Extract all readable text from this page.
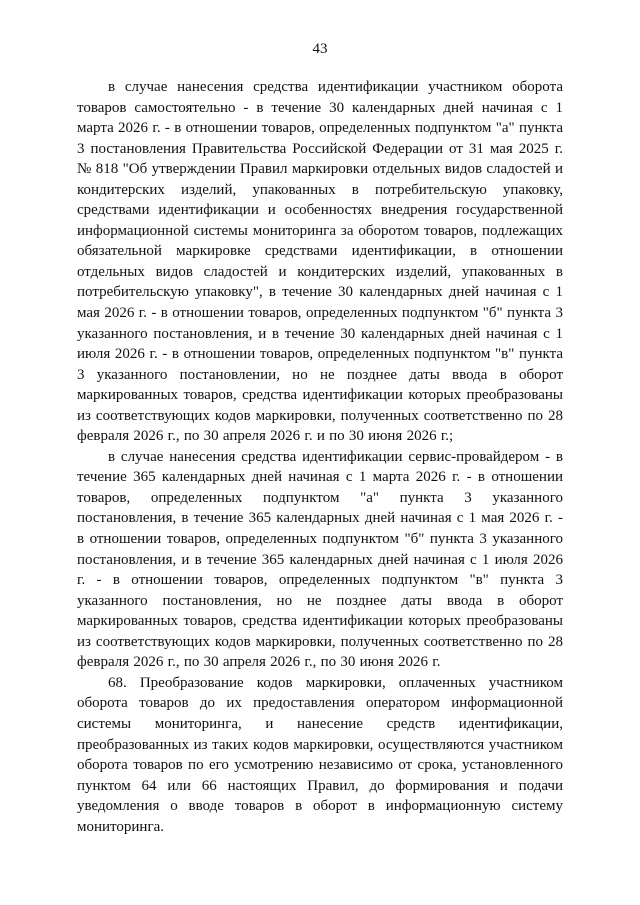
43

в случае нанесения средства идентификации участником оборота товаров самостоятельно - в течение 30 календарных дней начиная с 1 марта 2026 г. - в отношении товаров, определенных подпунктом "а" пункта 3 постановления Правительства Российской Федерации от 31 мая 2025 г. № 818 "Об утверждении Правил маркировки отдельных видов сладостей и кондитерских изделий, упакованных в потребительскую упаковку, средствами идентификации и особенностях внедрения государственной информационной системы мониторинга за оборотом товаров, подлежащих обязательной маркировке средствами идентификации, в отношении отдельных видов сладостей и кондитерских изделий, упакованных в потребительскую упаковку", в течение 30 календарных дней начиная с 1 мая 2026 г. - в отношении товаров, определенных подпунктом "б" пункта 3 указанного постановления, и в течение 30 календарных дней начиная с 1 июля 2026 г. - в отношении товаров, определенных подпунктом "в" пункта 3 указанного постановлении, но не позднее даты ввода в оборот маркированных товаров, средства идентификации которых преобразованы из соответствующих кодов маркировки, полученных соответственно по 28 февраля 2026 г., по 30 апреля 2026 г. и по 30 июня 2026 г.;

в случае нанесения средства идентификации сервис-провайдером - в течение 365 календарных дней начиная с 1 марта 2026 г. - в отношении товаров, определенных подпунктом "а" пункта 3 указанного постановления, в течение 365 календарных дней начиная с 1 мая 2026 г. - в отношении товаров, определенных подпунктом "б" пункта 3 указанного постановления, и в течение 365 календарных дней начиная с 1 июля 2026 г. - в отношении товаров, определенных подпунктом "в" пункта 3 указанного постановления, но не позднее даты ввода в оборот маркированных товаров, средства идентификации которых преобразованы из соответствующих кодов маркировки, полученных соответственно по 28 февраля 2026 г., по 30 апреля 2026 г., по 30 июня 2026 г.

68. Преобразование кодов маркировки, оплаченных участником оборота товаров до их предоставления оператором информационной системы мониторинга, и нанесение средств идентификации, преобразованных из таких кодов маркировки, осуществляются участником оборота товаров по его усмотрению независимо от срока, установленного пунктом 64 или 66 настоящих Правил, до формирования и подачи уведомления о вводе товаров в оборот в информационную систему мониторинга.
